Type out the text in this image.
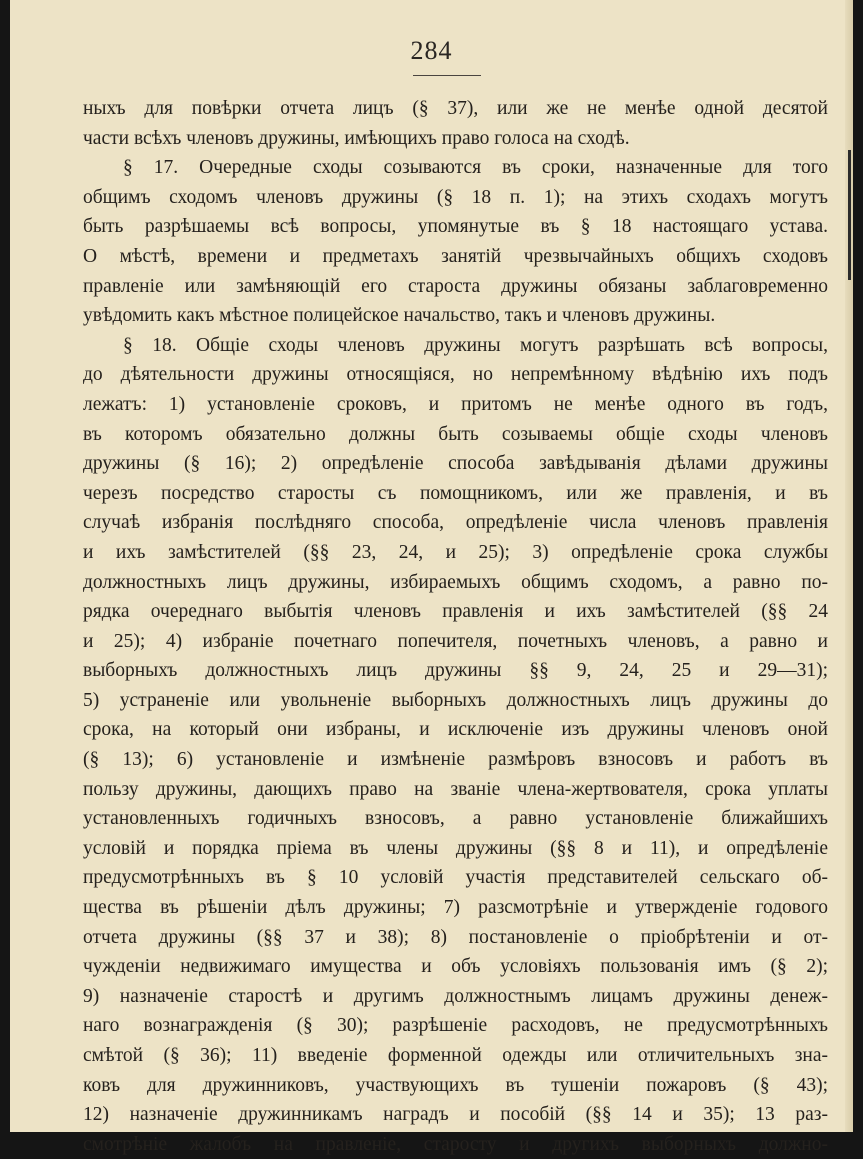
284
ныхъ для повѣрки отчета лицъ (§ 37), или же не менѣе одной десятой
части всѣхъ членовъ дружины, имѣющихъ право голоса на сходѣ.
§ 17. Очередные сходы созываются въ сроки, назначенные для того
общимъ сходомъ членовъ дружины (§ 18 п. 1); на этихъ сходахъ могутъ
быть разрѣшаемы всѣ вопросы, упомянутые въ § 18 настоящаго устава.
О мѣстѣ, времени и предметахъ занятій чрезвычайныхъ общихъ сходовъ
правленіе или замѣняющій его староста дружины обязаны заблаговременно
увѣдомить какъ мѣстное полицейское начальство, такъ и членовъ дружины.
§ 18. Общіе сходы членовъ дружины могутъ разрѣшать всѣ вопросы,
до дѣятельности дружины относящіяся, но непремѣнному вѣдѣнію ихъ подъ
лежатъ: 1) установленіе сроковъ, и притомъ не менѣе одного въ годъ,
въ которомъ обязательно должны быть созываемы общіе сходы членовъ
дружины (§ 16); 2) опредѣленіе способа завѣдыванія дѣлами дружины
черезъ посредство старосты съ помощникомъ, или же правленія, и въ
случаѣ избранія послѣдняго способа, опредѣленіе числа членовъ правленія
и ихъ замѣстителей (§§ 23, 24, и 25); 3) опредѣленіе срока службы
должностныхъ лицъ дружины, избираемыхъ общимъ сходомъ, а равно по-
рядка очереднаго выбытія членовъ правленія и ихъ замѣстителей (§§ 24
и 25); 4) избраніе почетнаго попечителя, почетныхъ членовъ, а равно и
выборныхъ должностныхъ лицъ дружины §§ 9, 24, 25 и 29—31);
5) устраненіе или увольненіе выборныхъ должностныхъ лицъ дружины до
срока, на который они избраны, и исключеніе изъ дружины членовъ оной
(§ 13); 6) установленіе и измѣненіе размѣровъ взносовъ и работъ въ
пользу дружины, дающихъ право на званіе члена-жертвователя, срока уплаты
установленныхъ годичныхъ взносовъ, а равно установленіе ближайшихъ
условій и порядка пріема въ члены дружины (§§ 8 и 11), и опредѣленіе
предусмотрѣнныхъ въ § 10 условій участія представителей сельскаго об-
щества въ рѣшеніи дѣлъ дружины; 7) разсмотрѣніе и утвержденіе годового
отчета дружины (§§ 37 и 38); 8) постановленіе о пріобрѣтеніи и от-
чужденіи недвижимаго имущества и объ условіяхъ пользованія имъ (§ 2);
9) назначеніе старостѣ и другимъ должностнымъ лицамъ дружины денеж-
наго вознагражденія (§ 30); разрѣшеніе расходовъ, не предусмотрѣнныхъ
смѣтой (§ 36); 11) введеніе форменной одежды или отличительныхъ зна-
ковъ для дружинниковъ, участвующихъ въ тушеніи пожаровъ (§ 43);
12) назначеніе дружинникамъ наградъ и пособій (§§ 14 и 35); 13 раз-
смотрѣніе жалобъ на правленіе, старосту и другихъ выборныхъ должно-
